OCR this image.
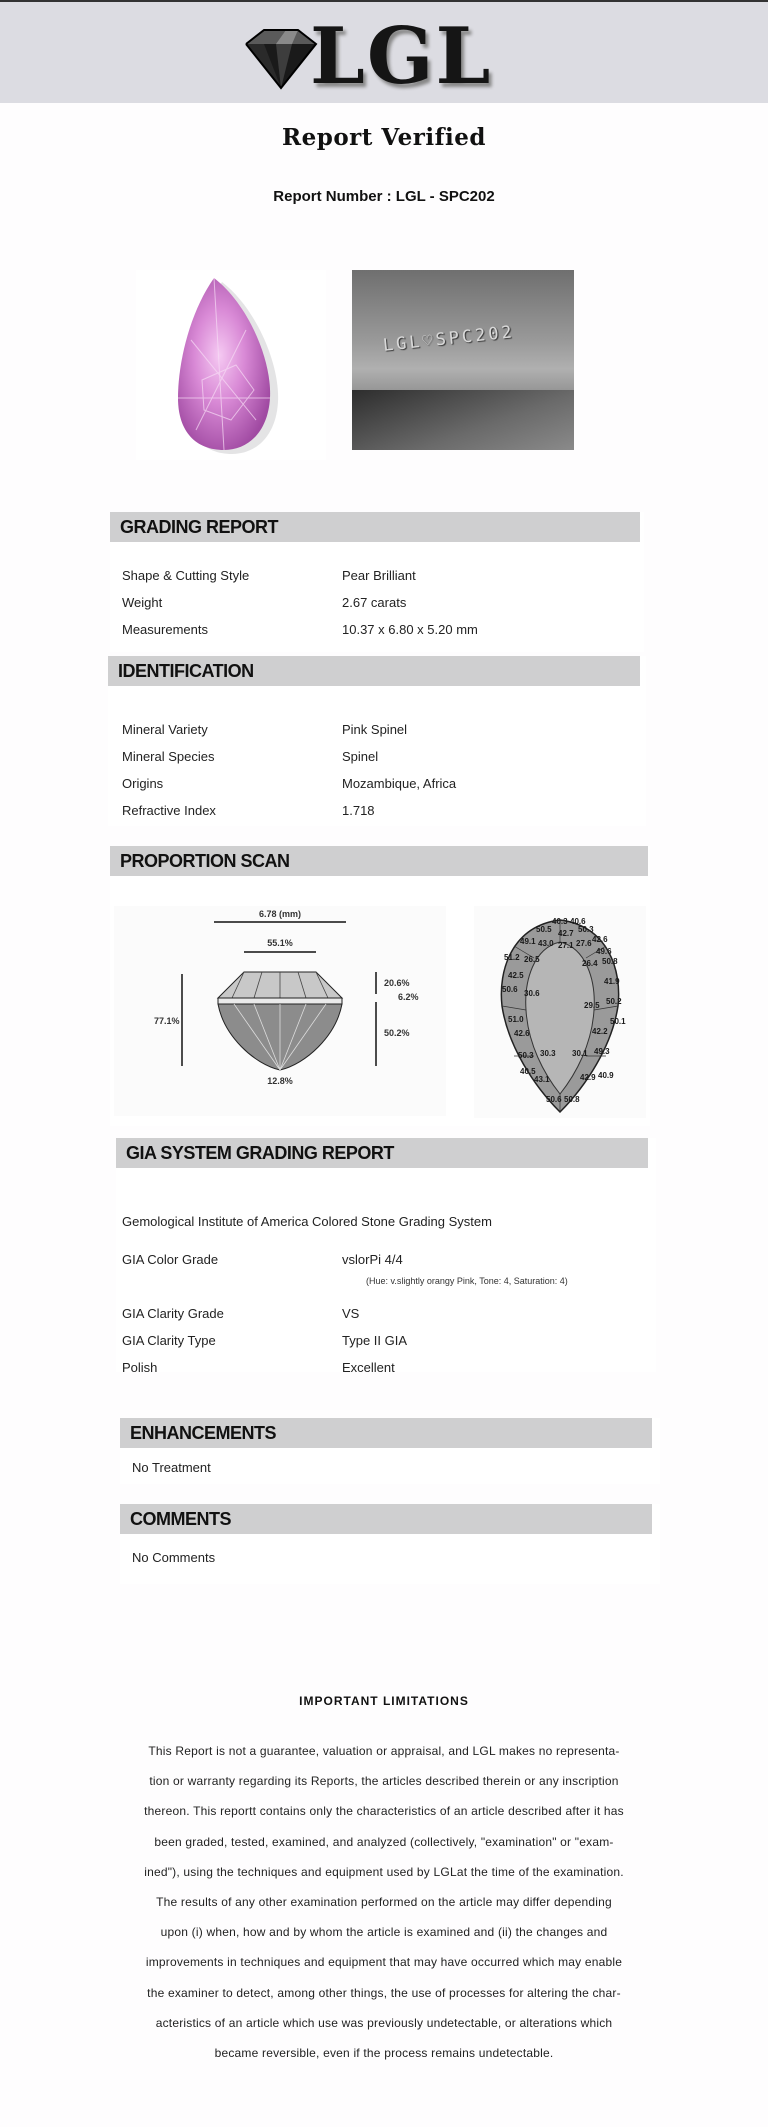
LGL
Report Verified
Report Number : LGL - SPC202
LGL♡SPC202
GRADING REPORT
Shape & Cutting Style	Pear Brilliant
Weight	2.67 carats
Measurements	10.37 x 6.80 x 5.20 mm
IDENTIFICATION
Mineral Variety	Pink Spinel
Mineral Species	Spinel
Origins	Mozambique, Africa
Refractive Index	1.718
PROPORTION SCAN
6.78 (mm)
55.1%
77.1%
20.6%
6.2%
50.2%
12.8%
40.3 40.6
50.5 42.7 50.3
49.1 43.0 27.1 27.6 42.6
49.6
51.2 26.5	26.4 50.8
42.5
50.6 30.6
41.9
29.5 50.2
51.0	50.1
42.6	42.2
50.3 30.3 30.1 49.3
40.5
43.1	42.9 40.9
50.6 50.8
GIA SYSTEM GRADING REPORT
Gemological Institute of America Colored Stone Grading System
GIA Color Grade	vslorPi 4/4
(Hue: v.slightly orangy Pink, Tone: 4, Saturation: 4)
GIA Clarity Grade	VS
GIA Clarity Type	Type II GIA
Polish	Excellent
ENHANCEMENTS
No Treatment
COMMENTS
No Comments
IMPORTANT LIMITATIONS
This Report is not a guarantee, valuation or appraisal, and LGL makes no representa-
tion or warranty regarding its Reports, the articles described therein or any inscription
thereon. This reportt contains only the characteristics of an article described after it has
been graded, tested, examined, and analyzed (collectively, "examination" or "exam-
ined"), using the techniques and equipment used by LGLat the time of the examination.
The results of any other examination performed on the article may differ depending
upon (i) when, how and by whom the article is examined and (ii) the changes and
improvements in techniques and equipment that may have occurred which may enable
the examiner to detect, among other things, the use of processes for altering the char-
acteristics of an article which use was previously undetectable, or alterations which
became reversible, even if the process remains undetectable.
